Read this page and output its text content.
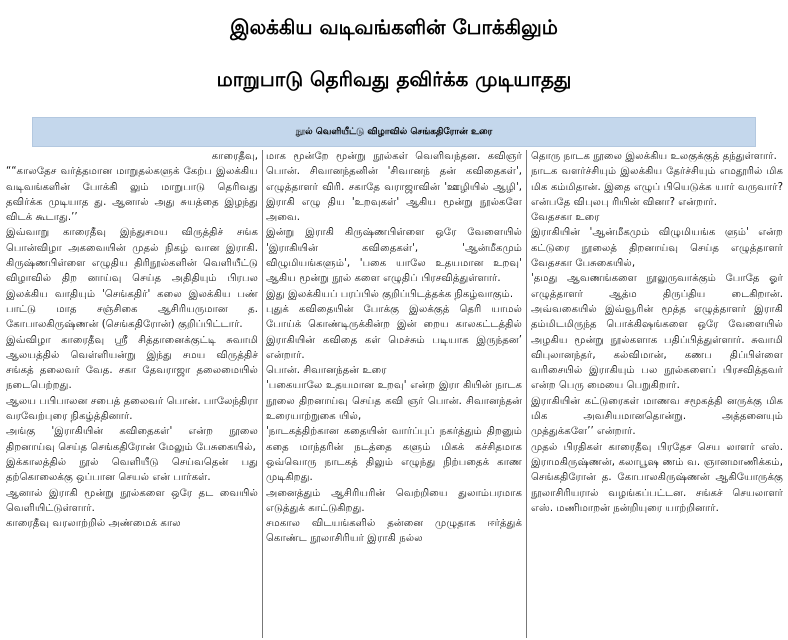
இலக்கிய வடிவங்களின் போக்கிலும்
மாறுபாடு தெரிவது தவிர்க்க முடியாதது
நூல் வெளியீட்டு விழாவில் செங்கதிரோன் உரை

காரைதீவு,

““காலதேச வர்த்தமான மாறுதல்களுக் கேற்ப இலக்கிய வடிவங்களின் போக்கி லும் மாறுபாடு தெரிவது தவிர்க்க முடியாத து. ஆனால் அது சுயத்தை இழந்து விடக் கூடாது.’’

இவ்வாறு காரைதீவு இந்துசமய விருத்திச் சங்க பொன்விழா அகவையின் முதல் நிகழ் வான இராகி. கிருஷ்ணபிள்ளை எழுதிய திரிநூல்களின் வெளியீட்டு விழாவில் திற னாய்வு செய்த அதிதியும் பிரபல இலக்கிய வாதியும் 'செங்கதிர்' கலை இலக்கிய பண் பாட்டு மாத சஞ்சிகை ஆசிரியருமான த. கோபாலகிருஷ்ணன் (செங்கதிரோன்) குறிப்பிட்டார்.

இவ்விழா காரைதீவு ஸ்ரீ சித்தானைக்குட்டி சுவாமி ஆலயத்தில் வெள்ளியன்று இந்து சமய விருத்திச் சங்கத் தலைவர் வேத. சகா தேவராஜா தலைமையில் நடைபெற்றது.

ஆலய பபிபாலன சபைத் தலைவர் பொன். பாலேந்திரா வரவேற்புரை நிகழ்த்தினார்.

அங்கு 'இராகியின் கவிதைகள்' என்ற நூலை திறனாய்வு செய்த செங்கதிரோன் மேலும் பேசுகையில்,

இக்காலத்தில் நூல் வெளியீடு செய்வதென் பது தற்கொலைக்கு ஒப்பான செயல் என் பார்கள்.

ஆனால் இராகி மூன்று நூல்களை ஒரே தட வையில் வெளியிட்டுள்ளார்.

காரைதீவு வரலாற்றில் அண்மைக் கால

மாக மூன்றே மூன்று நூல்கள் வெளிவந்தன. கவிஞர் பொன். சிவானந்தனின் 'சிவானந் தன் கவிதைகள்', எழுத்தாளர் விரி. சகாதே வராஜாவின் 'ஊழியில் ஆழி', இராகி எழு திய 'உறவுகள்' ஆகிய மூன்று நூல்களே அவை.

இன்று இராகி கிருஷ்ணபிள்ளை ஒரே வேளையில் 'இராகியின் கவிதைகள்', 'ஆன்மீகமும் விழுமியங்களும்', 'பகை யாலே உதயமான உறவு' ஆகிய மூன்று நூல் களை எழுதிப் பிரசவித்துள்ளார்.

இது இலக்கியப் பரப்பில் குறிப்பிடத்தக்க நிகழ்வாகும்.

புதுக் கவிதையின் போக்கு இலக்குத் தெரி யாமல் போய்க் கொண்டிருக்கின்ற இன் றைய காலகட்டத்தில் இராகியின் கவிதை கள் மெச்சும் படியாக இருந்தன’ என்றார்.

பொன். சிவானந்தன் உரை

'பகையாலே உதயமான உறவு' என்ற இரா கியின் நாடக நூலை திறனாய்வு செய்த கவி ஞர் பொன். சிவானந்தன் உரையாற்றுகை யில்,

'நாடகத்திற்கான கதையின் வார்ப்புப் நகர்த்தும் திறனும் கதை மாந்தரின் நடத்தை களும் மிகக் கச்சிதமாக ஒவ்வொரு நாடகத் திலும் எழுந்து நிற்பதைக் காண முடிகிறது.

அனைத்தும் ஆசிரியரின் வெற்றியை துலாம்பரமாக எடுத்துக் காட்டுகிறது.

சமகால விடயங்களில் தன்னை முழுதாக ஈர்த்துக் கொண்ட நூலாசிரியர் இராகி நல்ல

தொரு நாடக நூலை இலக்கிய உலகுக்குத் தந்துள்ளார்.

நாடக வளர்ச்சியும் இலக்கிய தேர்ச்சியும் எமதூரில் மிக மிக கம்மிதான். இதை எழுப் பியெடுக்க யார் வருவார்? என்பதே விபுலபு ரியின் வினா? என்றார்.

வேதசகா உரை

இராகியின் 'ஆன்மீகமும் விழுமியங்க ளும்' என்ற கட்டுரை நூலைத் திறனாய்வு செய்த எழுத்தாளர் வேதசகா பேசுகையில்,

'தமது ஆவணங்களை நூலுருவாக்கும் போதே ஓர் எழுத்தாளர் ஆத்ம திருப்திய டைகிறான். அவ்வகையில் இவ்வூரின் மூத்த எழுத்தாளர் இராகி தம்மிடமிருந்த பொக்கிஷங்களை ஒரே வேளையில் அழகிய மூன்று நூல்களாக பதிப்பித்துள்ளார். சுவாமி விபுலானந்தர், கல்விமான், கணப திப்பிள்ளை வரிசையில் இராகியும் பல நூல்களைப் பிரசவித்தவர் என்ற பெரு மையை பெறுகிறார்.

இராகியின் கட்டுரைகள் மாணவ சமூகத்தி னருக்கு மிக மிக அவசியமானதொன்று. அத்தனையும் முத்துக்களே’’ என்றார்.

முதல் பிரதிகள் காரைதீவு பிரதேச செய லாளர் எஸ். இராமகிருஷ்ணன், கலாபூஷ ணம் வ. ஞானமாணிக்கம், செங்கதிரோன் த. கோபாலகிருஷ்ணன் ஆகியோருக்கு நூலாசிரியரால் வழங்கப்பட்டன. சங்கச் செயலாளர் எஸ். மணிமாறன் நன்றியுரை யாற்றினார்.
